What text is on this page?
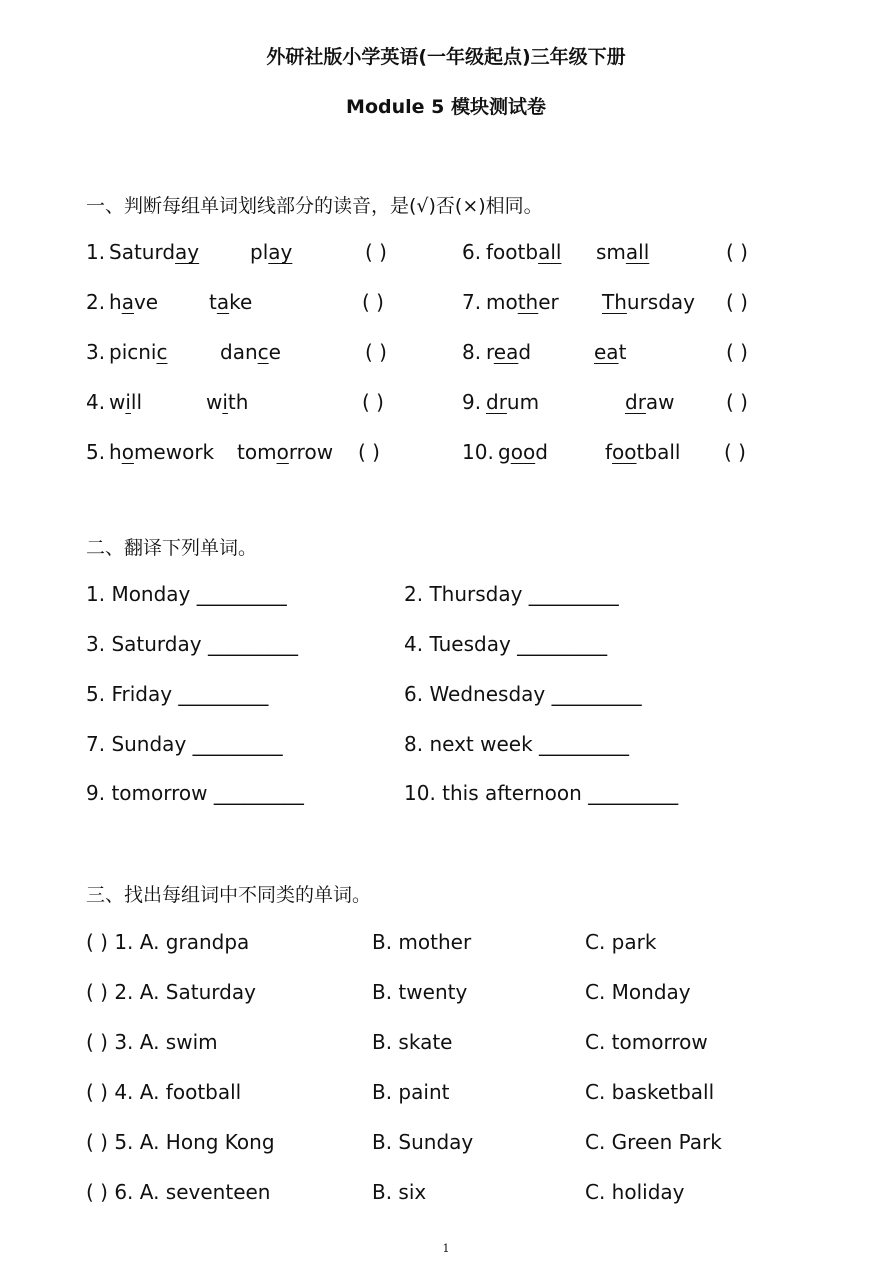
外研社版小学英语(一年级起点)三年级下册
Module 5 模块测试卷
一、判断每组单词划线部分的读音，是(√)否(×)相同。
1. Saturday	play	( )
2. have	take	( )
3. picnic	dance	( )
4. will	with	( )
5. homework tomorrow ( )
6. football small	( )
7. mother Thursday ( )
8. read	eat	( )
9. drum	draw	( )
10. good	football ( )
二、翻译下列单词。
1. Monday _________
3. Saturday _________
5. Friday _________
7. Sunday _________
9. tomorrow _________
2. Thursday _________
4. Tuesday _________
6. Wednesday _________
8. next week _________
10. this afternoon _________
三、找出每组词中不同类的单词。
( ) 1. A. grandpa	B. mother	C. park
( ) 2. A. Saturday	B. twenty	C. Monday
( ) 3. A. swim	B. skate	C. tomorrow
( ) 4. A. football	B. paint	C. basketball
( ) 5. A. Hong Kong	B. Sunday	C. Green Park
( ) 6. A. seventeen	B. six	C. holiday
1
